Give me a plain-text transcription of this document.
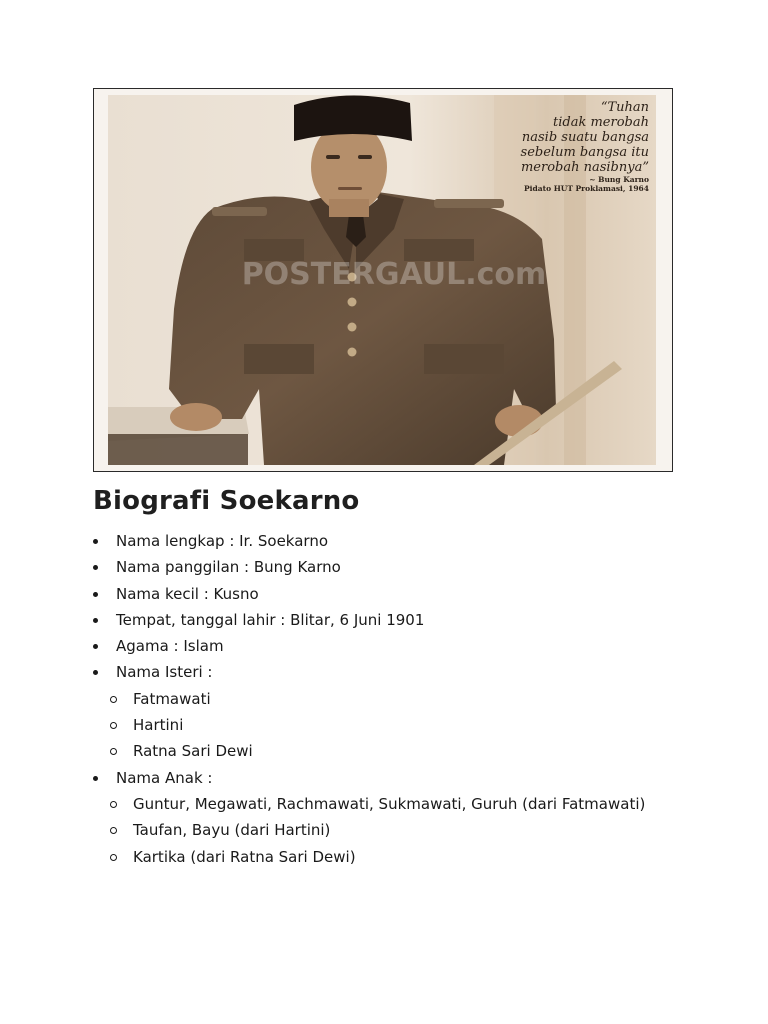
POSTERGAUL.com
“Tuhan
tidak merobah
nasib suatu bangsa
sebelum bangsa itu
merobah nasibnya”
~ Bung Karno
Pidato HUT Proklamasi, 1964
Biografi Soekarno
Nama lengkap : Ir. Soekarno
Nama panggilan : Bung Karno
Nama kecil : Kusno
Tempat, tanggal lahir : Blitar, 6 Juni 1901
Agama : Islam
Nama Isteri :
Fatmawati
Hartini
Ratna Sari Dewi
Nama Anak :
Guntur, Megawati, Rachmawati, Sukmawati, Guruh (dari Fatmawati)
Taufan, Bayu (dari Hartini)
Kartika (dari Ratna Sari Dewi)
